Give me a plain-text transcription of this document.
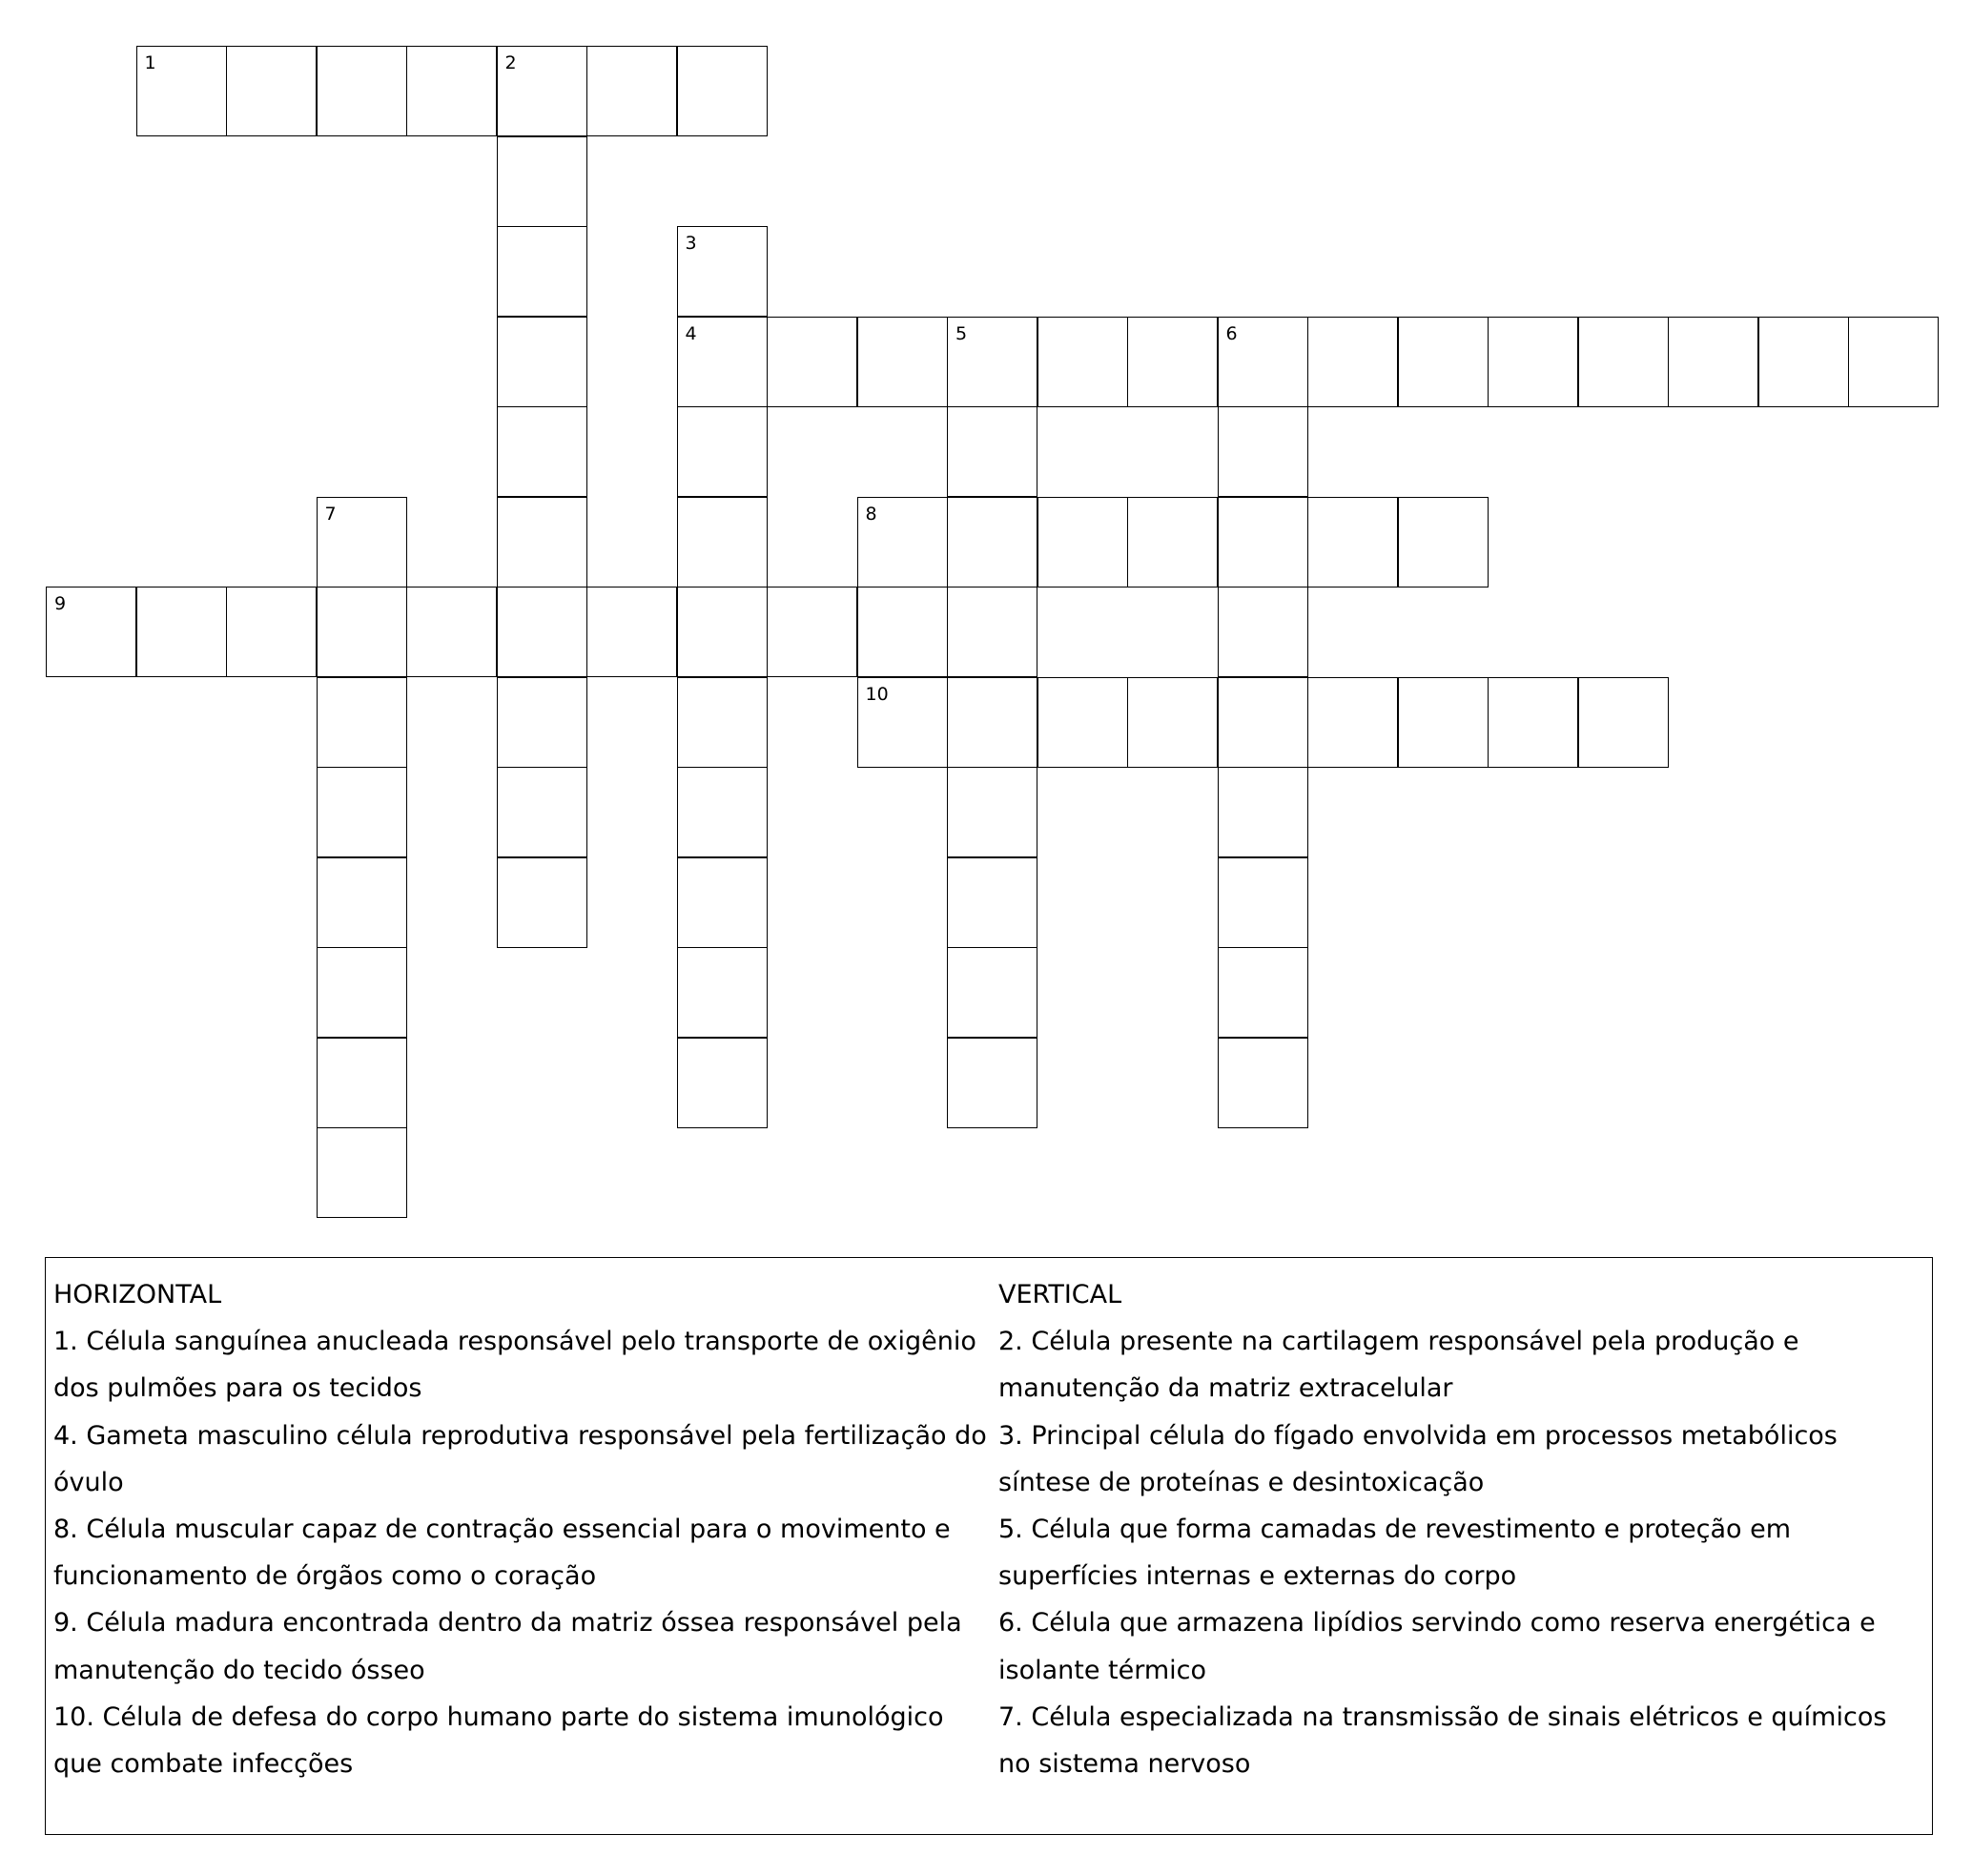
1	2
3
4	5	6
7	8
9
10
HORIZONTAL
1. Célula sanguínea anucleada responsável pelo transporte de oxigênio dos pulmões para os tecidos
4. Gameta masculino célula reprodutiva responsável pela fertilização do óvulo
8. Célula muscular capaz de contração essencial para o movimento e funcionamento de órgãos como o coração
9. Célula madura encontrada dentro da matriz óssea responsável pela manutenção do tecido ósseo
10. Célula de defesa do corpo humano parte do sistema imunológico que combate infecções
VERTICAL
2. Célula presente na cartilagem responsável pela produção e manutenção da matriz extracelular
3. Principal célula do fígado envolvida em processos metabólicos síntese de proteínas e desintoxicação
5. Célula que forma camadas de revestimento e proteção em superfícies internas e externas do corpo
6. Célula que armazena lipídios servindo como reserva energética e isolante térmico
7. Célula especializada na transmissão de sinais elétricos e químicos no sistema nervoso
